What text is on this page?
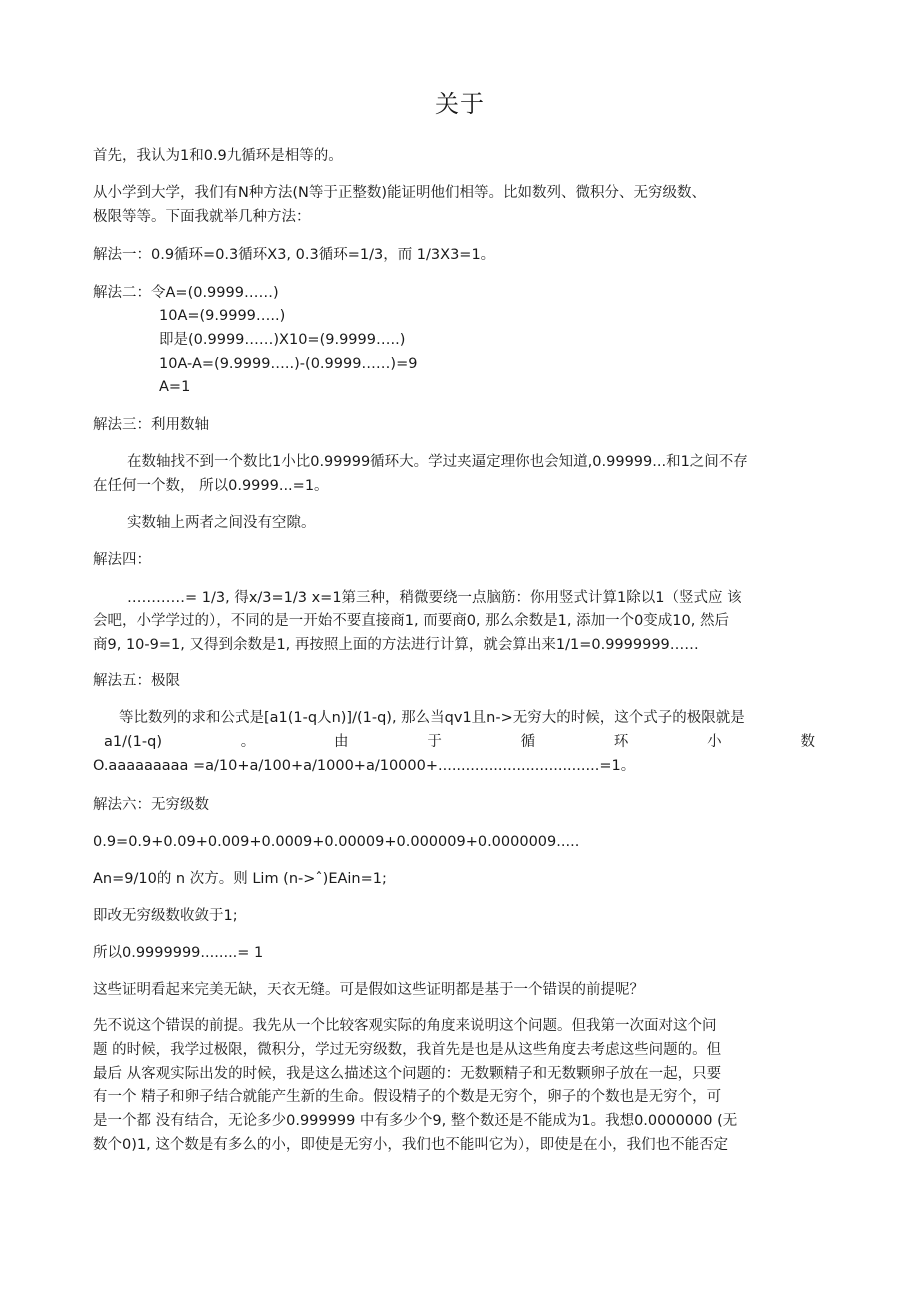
关于
首先，我认为1和0.9九循环是相等的。
从小学到大学，我们有N种方法(N等于正整数)能证明他们相等。比如数列、微积分、无穷级数、
极限等等。下面我就举几种方法：
解法一：0.9循环=0.3循环X3, 0.3循环=1/3，而 1/3X3=1。
解法二：令A=(0.9999……)
10A=(9.9999…..)
即是(0.9999……)X10=(9.9999…..)
10A-A=(9.9999…..)-(0.9999……)=9
A=1
解法三：利用数轴
在数轴找不到一个数比1小比0.99999循环大。学过夹逼定理你也会知道,0.99999...和1之间不存
在任何一个数， 所以0.9999...=1。
实数轴上两者之间没有空隙。
解法四：
…………= 1/3, 得x/3=1/3 x=1第三种，稍微要绕一点脑筋：你用竖式计算1除以1（竖式应 该
会吧，小学学过的），不同的是一开始不要直接商1, 而要商0, 那么余数是1, 添加一个0变成10, 然后
商9, 10-9=1, 又得到余数是1, 再按照上面的方法进行计算，就会算出来1/1=0.9999999……
解法五：极限
等比数列的求和公式是[a1(1-q人n)]/(1-q), 那么当qv1且n->无穷大的时候，这个式子的极限就是
a1/(1-q)	。	由	于	循	环	小	数
O.aaaaaaaaa =a/10+a/100+a/1000+a/10000+...................................=1。
解法六：无穷级数
0.9=0.9+0.09+0.009+0.0009+0.00009+0.000009+0.0000009.....
An=9/10的 n 次方。则 Lim (n->ˆ)EAin=1;
即改无穷级数收敛于1;
所以0.9999999........= 1
这些证明看起来完美无缺，天衣无缝。可是假如这些证明都是基于一个错误的前提呢？
先不说这个错误的前提。我先从一个比较客观实际的角度来说明这个问题。但我第一次面对这个问
题 的时候，我学过极限，微积分，学过无穷级数，我首先是也是从这些角度去考虑这些问题的。但
最后 从客观实际出发的时候，我是这么描述这个问题的：无数颗精子和无数颗卵子放在一起，只要
有一个 精子和卵子结合就能产生新的生命。假设精子的个数是无穷个，卵子的个数也是无穷个，可
是一个都 没有结合，无论多少0.999999 中有多少个9, 整个数还是不能成为1。我想0.0000000 (无
数个0)1, 这个数是有多么的小，即使是无穷小，我们也不能叫它为），即使是在小，我们也不能否定
